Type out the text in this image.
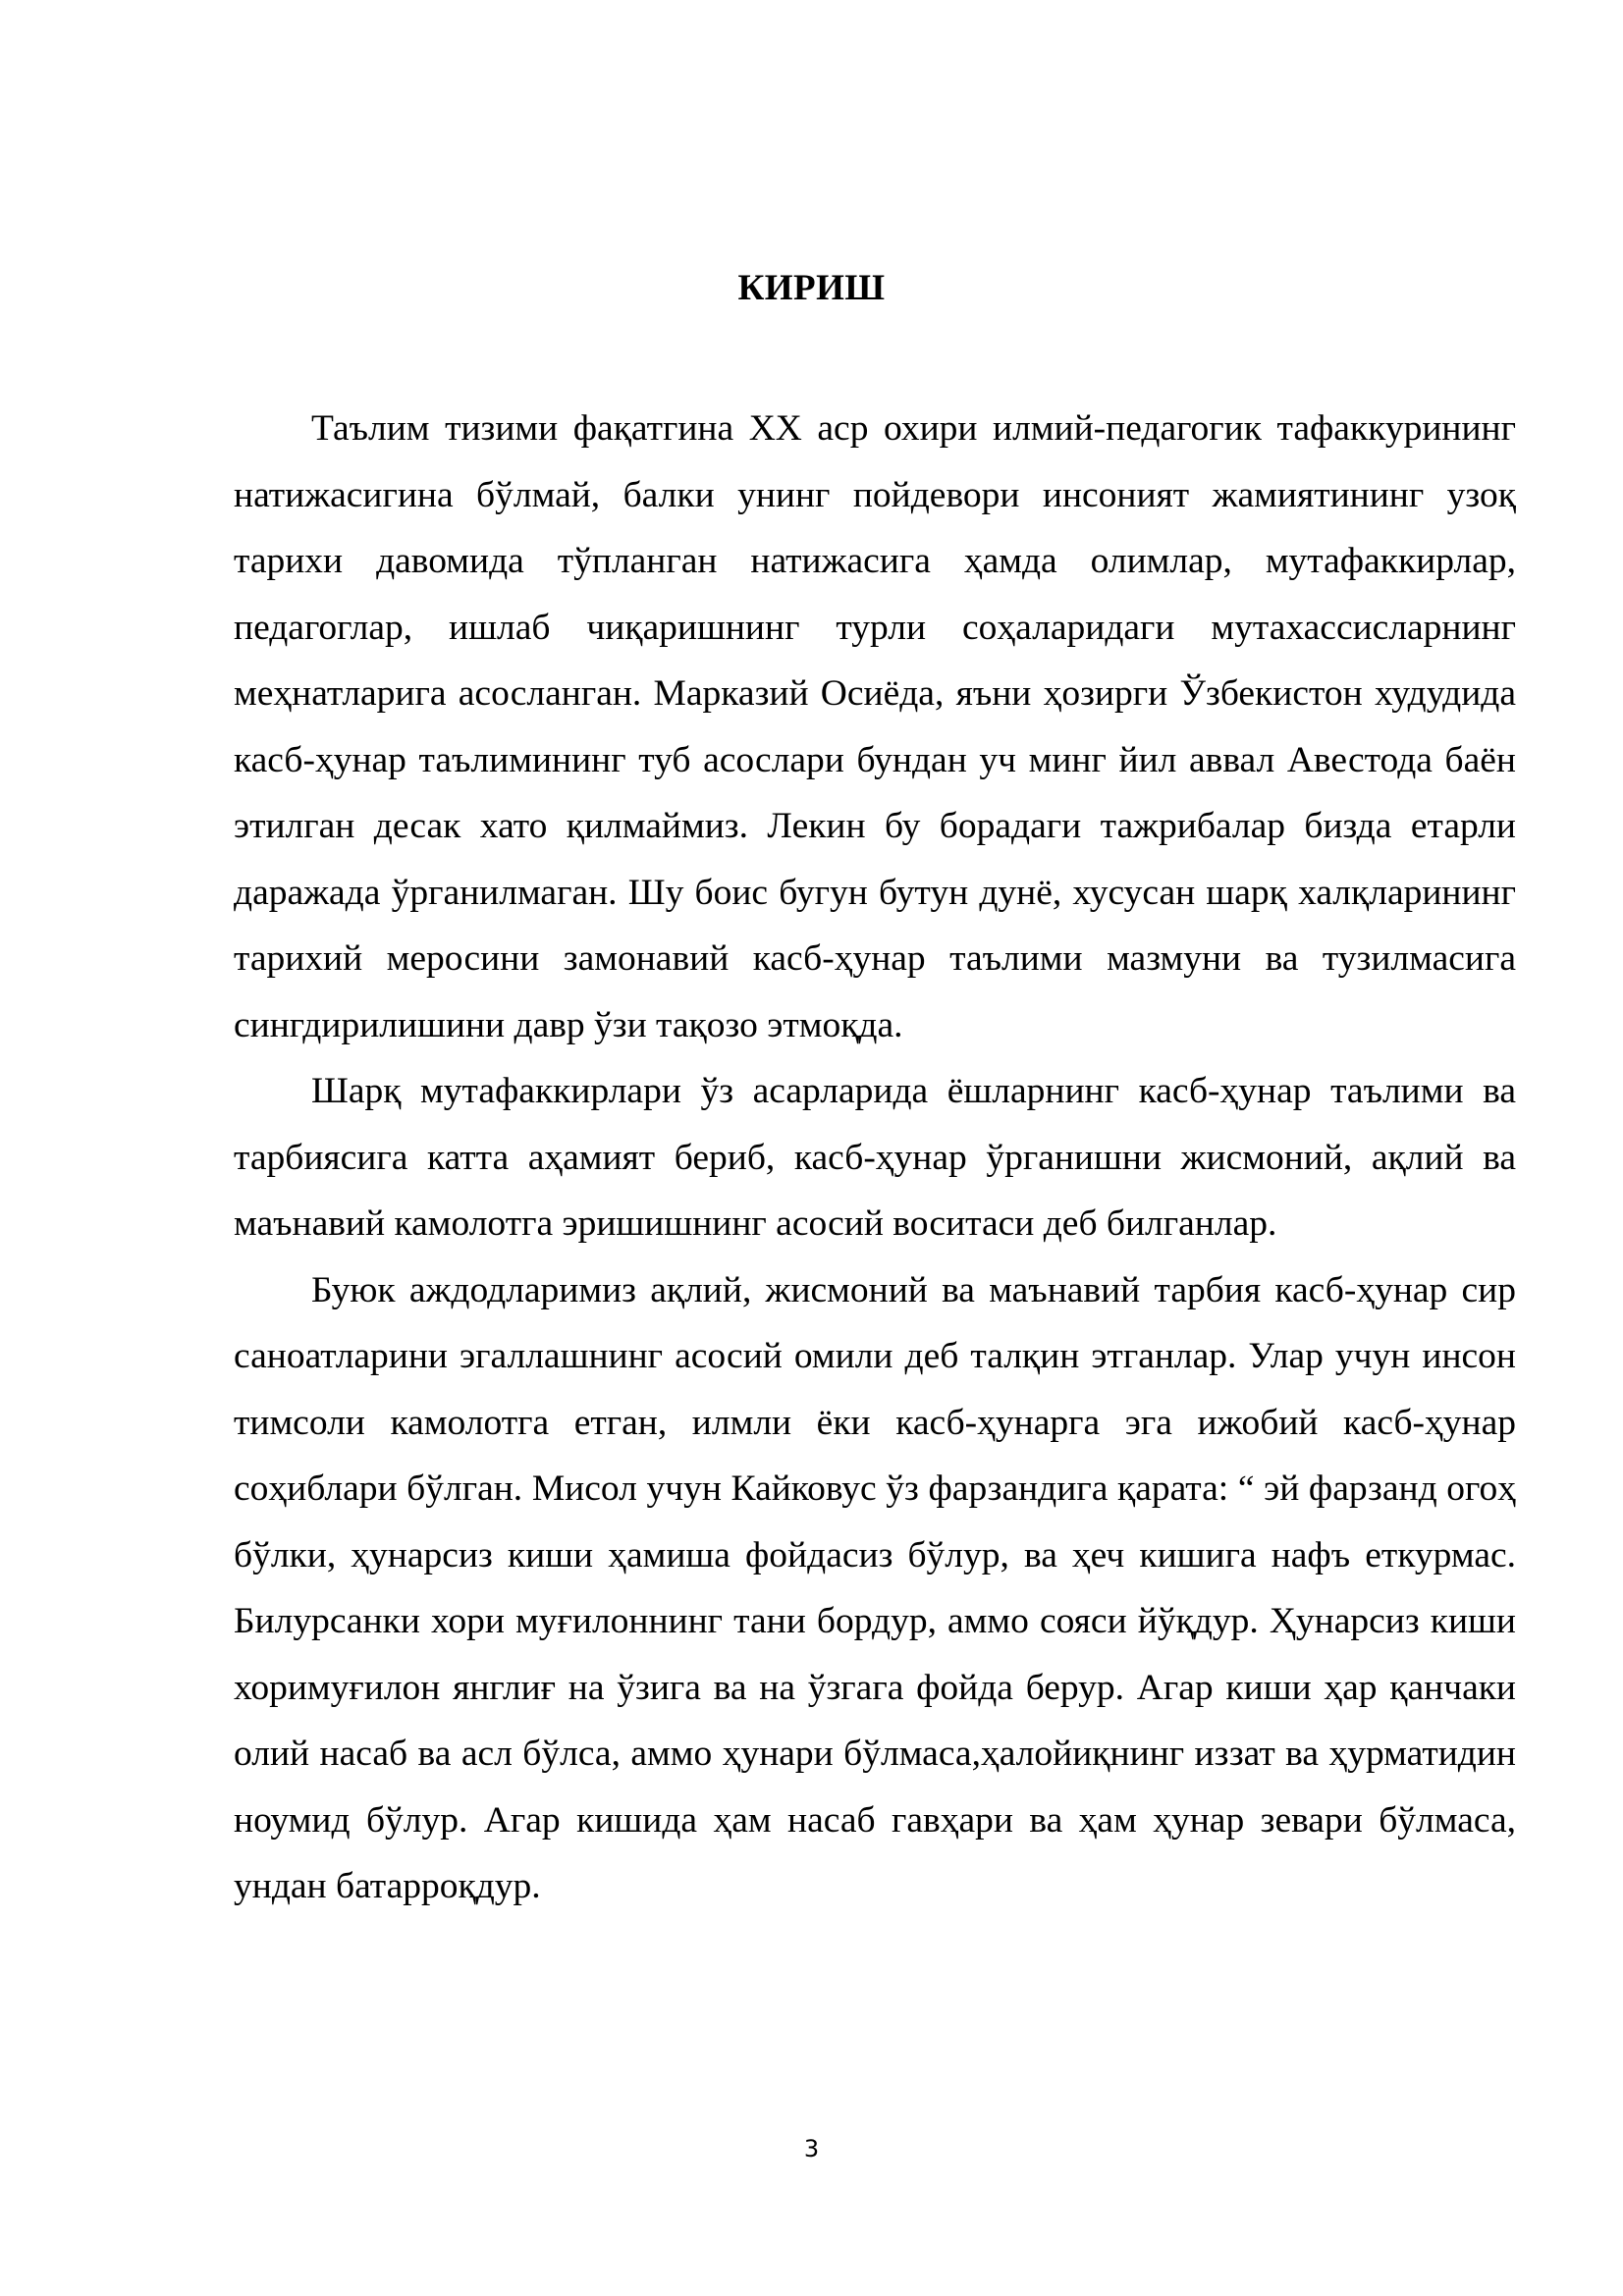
КИРИШ

Таълим тизими фақатгина XX аср охири илмий-педагогик тафаккурининг натижасигина бўлмай, балки унинг пойдевори инсоният жамиятининг узоқ тарихи давомида тўпланган натижасига ҳамда олимлар, мутафаккирлар, педагоглар, ишлаб чиқаришнинг турли соҳаларидаги мутахассисларнинг меҳнатларига асосланган. Марказий Осиёда, яъни ҳозирги Ўзбекистон худудида касб-ҳунар таълимининг туб асослари бундан уч минг йил аввал Авестода баён этилган десак хато қилмаймиз. Лекин бу борадаги тажрибалар бизда етарли даражада ўрганилмаган. Шу боис бугун бутун дунё, хусусан шарқ халқларининг тарихий меросини замонавий касб-ҳунар таълими мазмуни ва тузилмасига сингдирилишини давр ўзи тақозо этмоқда.

Шарқ мутафаккирлари ўз асарларида ёшларнинг касб-ҳунар таълими ва тарбиясига катта аҳамият бериб, касб-ҳунар ўрганишни жисмоний, ақлий ва маънавий камолотга эришишнинг асосий воситаси деб билганлар.

Буюк аждодларимиз ақлий, жисмоний ва маънавий тарбия касб-ҳунар сир саноатларини эгаллашнинг асосий омили деб талқин этганлар. Улар учун инсон тимсоли камолотга етган, илмли ёки касб-ҳунарга эга ижобий касб-ҳунар соҳиблари бўлган. Мисол учун Кайковус ўз фарзандига қарата: “ эй фарзанд огоҳ бўлки, ҳунарсиз киши ҳамиша фойдасиз бўлур, ва ҳеч кишига нафъ еткурмас. Билурсанки хори муғилоннинг тани бордур, аммо сояси йўқдур. Ҳунарсиз киши хоримуғилон янглиғ на ўзига ва на ўзгага фойда берур. Агар киши ҳар қанчаки олий насаб ва асл бўлса, аммо ҳунари бўлмаса,ҳалойиқнинг иззат ва ҳурматидин ноумид бўлур. Агар кишида ҳам насаб гавҳари ва ҳам ҳунар зевари бўлмаса, ундан батарроқдур.

3
